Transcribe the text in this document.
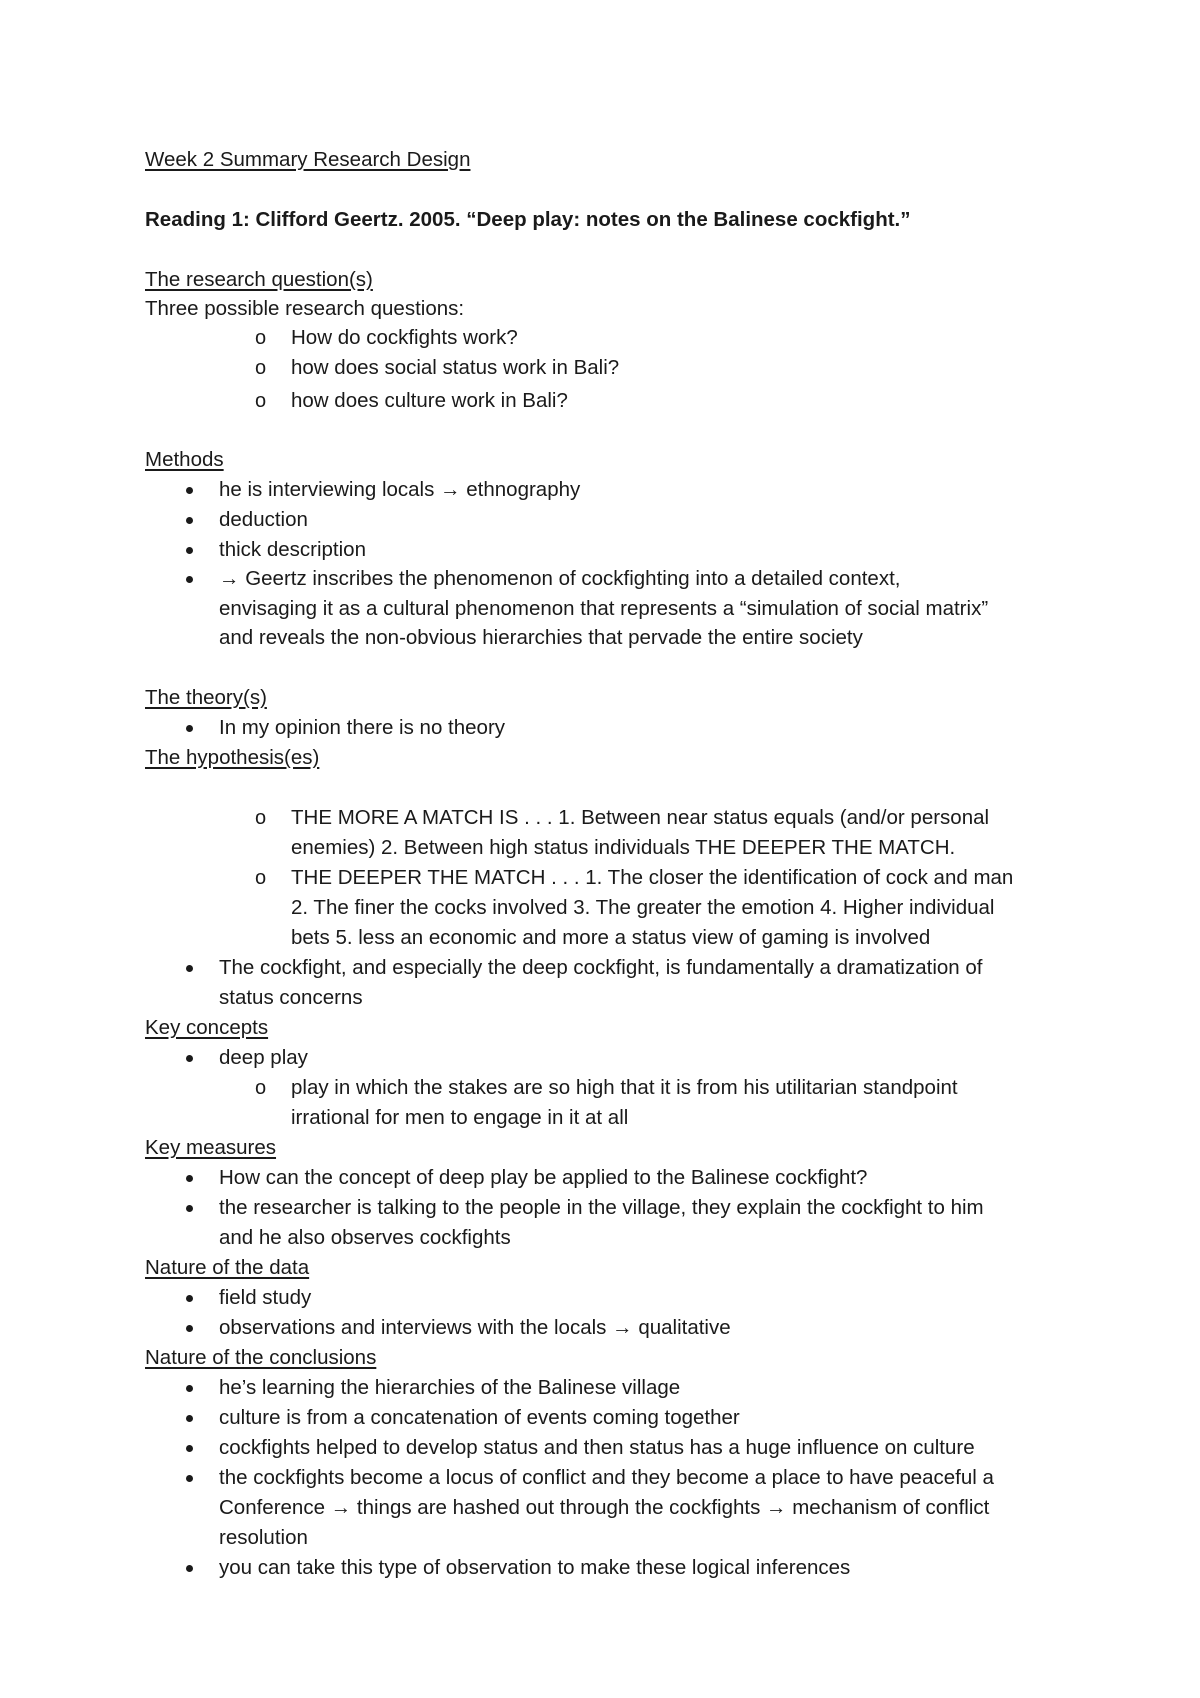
Week 2 Summary Research Design
Reading 1: Clifford Geertz. 2005. “Deep play: notes on the Balinese cockfight.”
The research question(s)
Three possible research questions:
o How do cockfights work?
o how does social status work in Bali?
o how does culture work in Bali?
Methods
he is interviewing locals → ethnography
deduction
thick description
→ Geertz inscribes the phenomenon of cockfighting into a detailed context,
envisaging it as a cultural phenomenon that represents a “simulation of social matrix”
and reveals the non-obvious hierarchies that pervade the entire society
The theory(s)
In my opinion there is no theory
The hypothesis(es)
o THE MORE A MATCH IS . . . 1. Between near status equals (and/or personal
enemies) 2. Between high status individuals THE DEEPER THE MATCH.
o THE DEEPER THE MATCH . . . 1. The closer the identification of cock and man
2. The finer the cocks involved 3. The greater the emotion 4. Higher individual
bets 5. less an economic and more a status view of gaming is involved
The cockfight, and especially the deep cockfight, is fundamentally a dramatization of
status concerns
Key concepts
deep play
o play in which the stakes are so high that it is from his utilitarian standpoint
irrational for men to engage in it at all
Key measures
How can the concept of deep play be applied to the Balinese cockfight?
the researcher is talking to the people in the village, they explain the cockfight to him
and he also observes cockfights
Nature of the data
field study
observations and interviews with the locals → qualitative
Nature of the conclusions
he’s learning the hierarchies of the Balinese village
culture is from a concatenation of events coming together
cockfights helped to develop status and then status has a huge influence on culture
the cockfights become a locus of conflict and they become a place to have peaceful a
Conference → things are hashed out through the cockfights → mechanism of conflict
resolution
you can take this type of observation to make these logical inferences
